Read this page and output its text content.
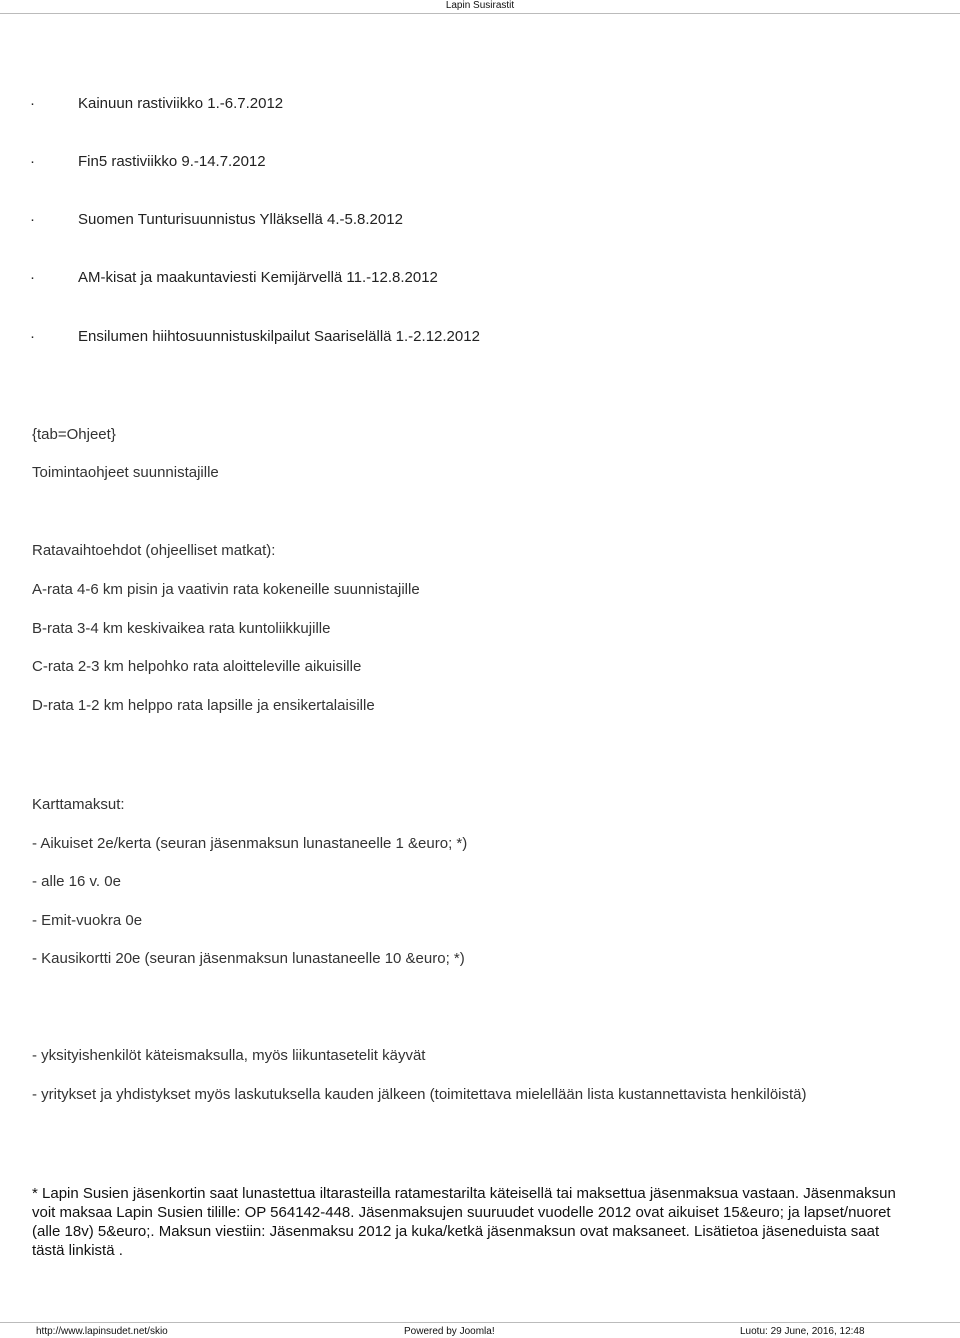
Lapin Susirastit
·	Kainuun rastiviikko 1.-6.7.2012
·	Fin5 rastiviikko 9.-14.7.2012
·	Suomen Tunturisuunnistus Ylläksellä 4.-5.8.2012
·	AM-kisat ja maakuntaviesti Kemijärvellä 11.-12.8.2012
·	Ensilumen hiihtosuunnistuskilpailut Saariselällä 1.-2.12.2012
{tab=Ohjeet}
Toimintaohjeet suunnistajille
Ratavaihtoehdot (ohjeelliset matkat):
A-rata 4-6 km pisin ja vaativin rata kokeneille suunnistajille
B-rata 3-4 km keskivaikea rata kuntoliikkujille
C-rata 2-3 km helpohko rata aloitteleville aikuisille
D-rata 1-2 km helppo rata lapsille ja ensikertalaisille
Karttamaksut:
- Aikuiset 2e/kerta (seuran jäsenmaksun lunastaneelle 1 &euro; *)
- alle 16 v. 0e
- Emit-vuokra 0e
- Kausikortti 20e (seuran jäsenmaksun lunastaneelle 10 &euro; *)
- yksityishenkilöt käteismaksulla, myös liikuntasetelit käyvät
- yritykset ja yhdistykset myös laskutuksella kauden jälkeen (toimitettava mielellään lista kustannettavista henkilöistä)
* Lapin Susien jäsenkortin saat lunastettua iltarasteilla ratamestarilta käteisellä tai maksettua jäsenmaksua vastaan. Jäsenmaksun voit maksaa Lapin Susien tilille: OP 564142-448. Jäsenmaksujen suuruudet vuodelle 2012 ovat aikuiset 15&euro; ja lapset/nuoret (alle 18v) 5&euro;. Maksun viestiin: Jäsenmaksu 2012 ja kuka/ketkä jäsenmaksun ovat maksaneet. Lisätietoa jäseneduista saat tästä linkistä .
http://www.lapinsudet.net/skio	Powered by Joomla!	Luotu: 29 June, 2016, 12:48
